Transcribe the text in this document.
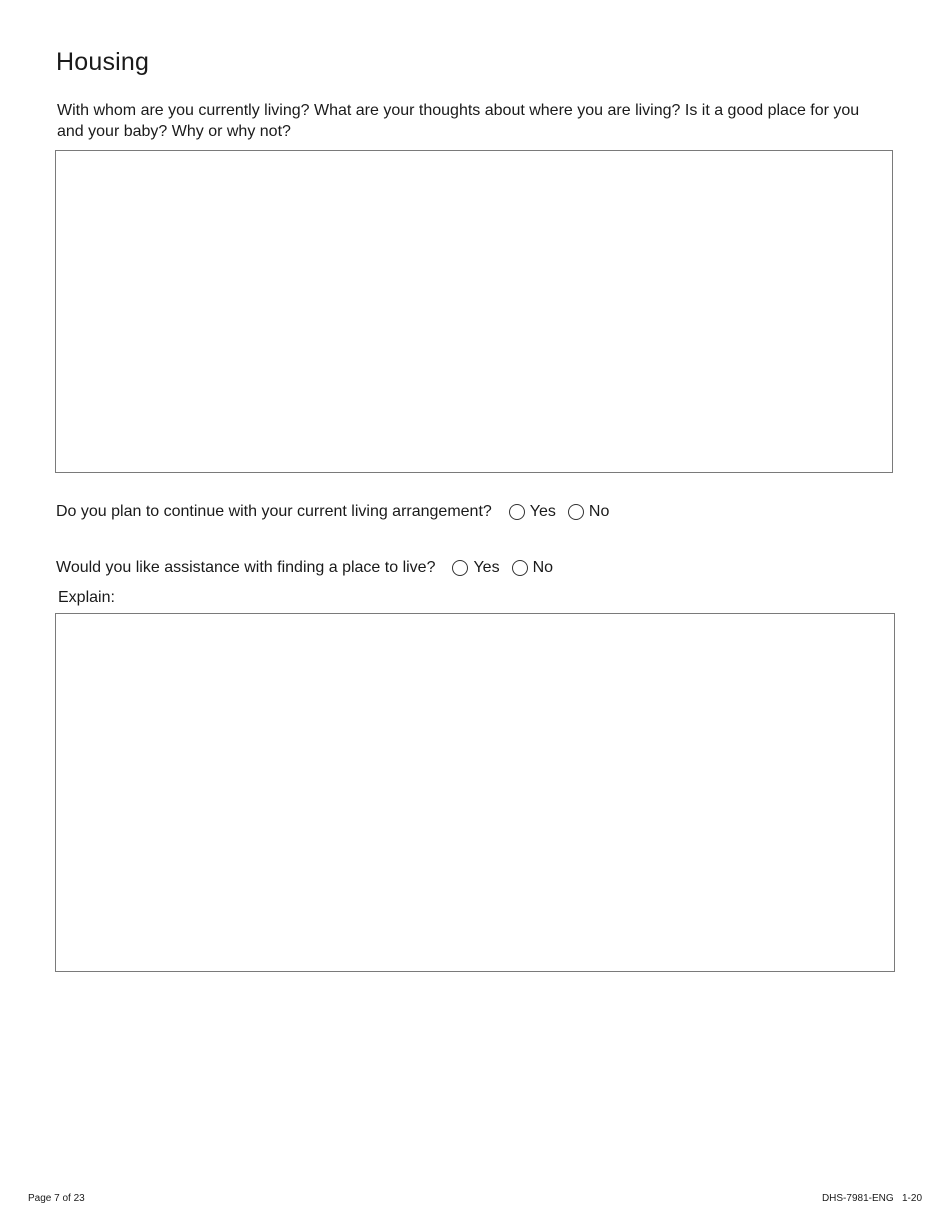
Housing

With whom are you currently living? What are your thoughts about where you are living? Is it a good place for you and your baby? Why or why not?

Do you plan to continue with your current living arrangement? Yes No
Would you like assistance with finding a place to live? Yes No
Explain:
Page 7 of 23	DHS-7981-ENG 1-20
